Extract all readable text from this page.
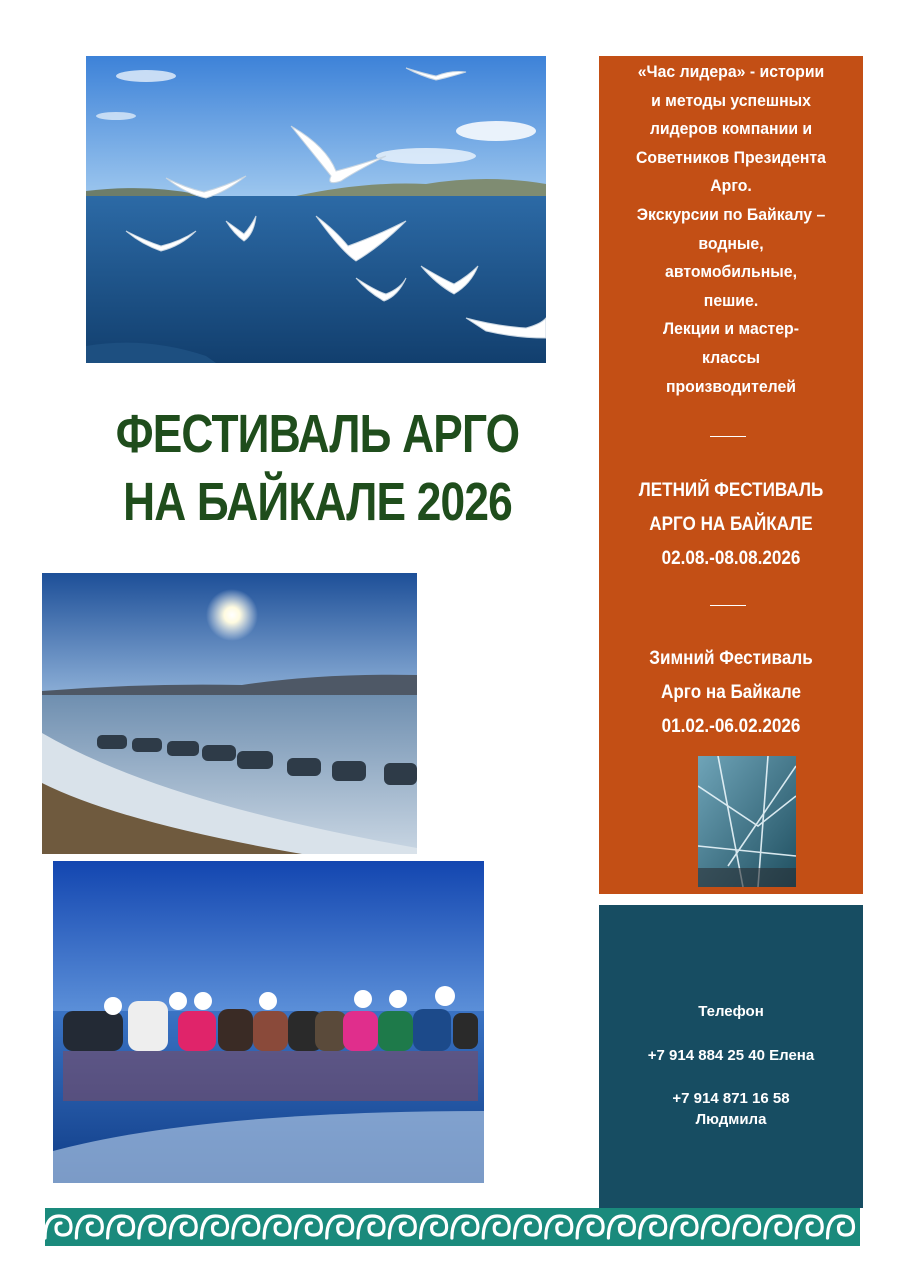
ФЕСТИВАЛЬ АРГО
НА БАЙКАЛЕ 2026
«Час лидера» - истории
и методы успешных
лидеров компании и
Советников Президента
Арго.
Экскурсии по Байкалу –
водные,
автомобильные,
пешие.
Лекции и мастер-
классы
производителей
ЛЕТНИЙ ФЕСТИВАЛЬ
АРГО НА БАЙКАЛЕ
02.08.-08.08.2026
Зимний Фестиваль
Арго на Байкале
01.02.-06.02.2026
Телефон
+7 914 884 25 40 Елена
+7 914 871 16 58
Людмила
